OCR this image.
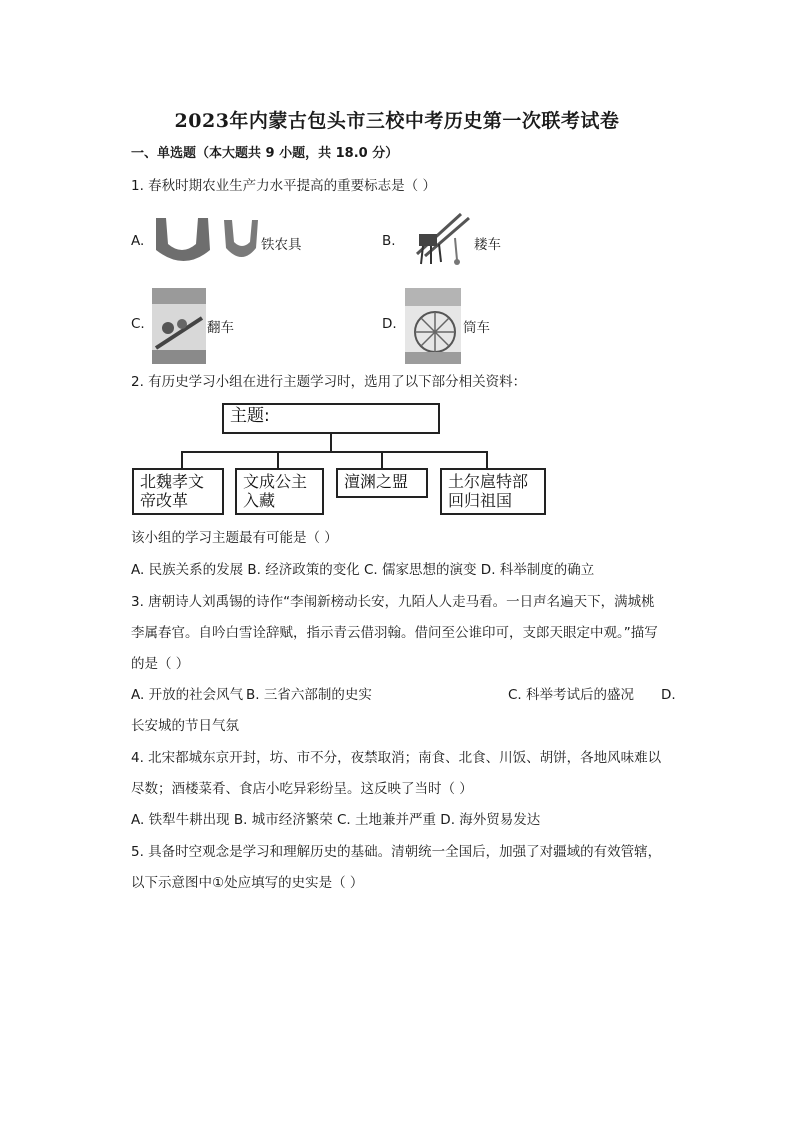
2023年内蒙古包头市三校中考历史第一次联考试卷
一、单选题（本大题共 9 小题，共 18.0 分）
1. 春秋时期农业生产力水平提高的重要标志是（ ）
A.	铁农具	B.	耧车
C.	翻车	D.	筒车
2. 有历史学习小组在进行主题学习时，选用了以下部分相关资料：
主题:
北魏孝文
帝改革
文成公主
入藏
澶渊之盟	土尔扈特部
回归祖国
该小组的学习主题最有可能是（ ）
A. 民族关系的发展 B. 经济政策的变化 C. 儒家思想的演变 D. 科举制度的确立
3. 唐朝诗人刘禹锡的诗作“李闱新榜动长安，九陌人人走马看。一日声名遍天下，满城桃
李属春官。自吟白雪诠辞赋，指示青云借羽翰。借问至公谁印可，支郎天眼定中观。”描写
的是（ ）
A. 开放的社会风气 B. 三省六部制的史实	C. 科举考试后的盛况 D.
长安城的节日气氛
4. 北宋都城东京开封，坊、市不分，夜禁取消；南食、北食、川饭、胡饼，各地风味难以
尽数；酒楼菜肴、食店小吃异彩纷呈。这反映了当时（ ）
A. 铁犁牛耕出现 B. 城市经济繁荣 C. 土地兼并严重 D. 海外贸易发达
5. 具备时空观念是学习和理解历史的基础。清朝统一全国后，加强了对疆域的有效管辖，
以下示意图中①处应填写的史实是（ ）
